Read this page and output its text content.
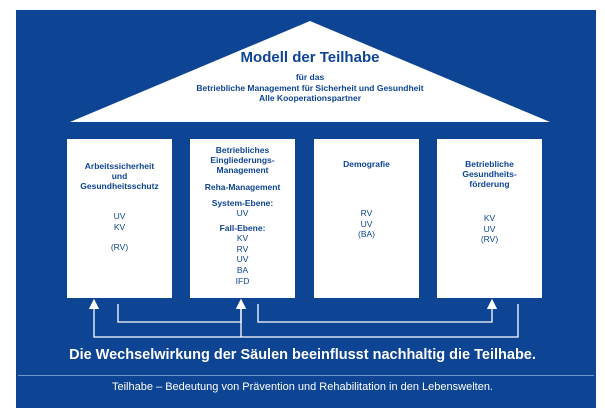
Modell der Teilhabe
für das
Betriebliche Management für Sicherheit und Gesundheit
Alle Kooperationspartner
Arbeitssicherheit
und
Gesundheitsschutz
UV
KV
(RV)
Betriebliches
Eingliederungs-
Management
Reha-Management
System-Ebene:
UV
Fall-Ebene:
KV
RV
UV
BA
IFD
Demografie
RV
UV
(BA)
Betriebliche
Gesundheits-
förderung
KV
UV
(RV)
Die Wechselwirkung der Säulen beeinflusst nachhaltig die Teilhabe.
Teilhabe – Bedeutung von Prävention und Rehabilitation in den Lebenswelten.
